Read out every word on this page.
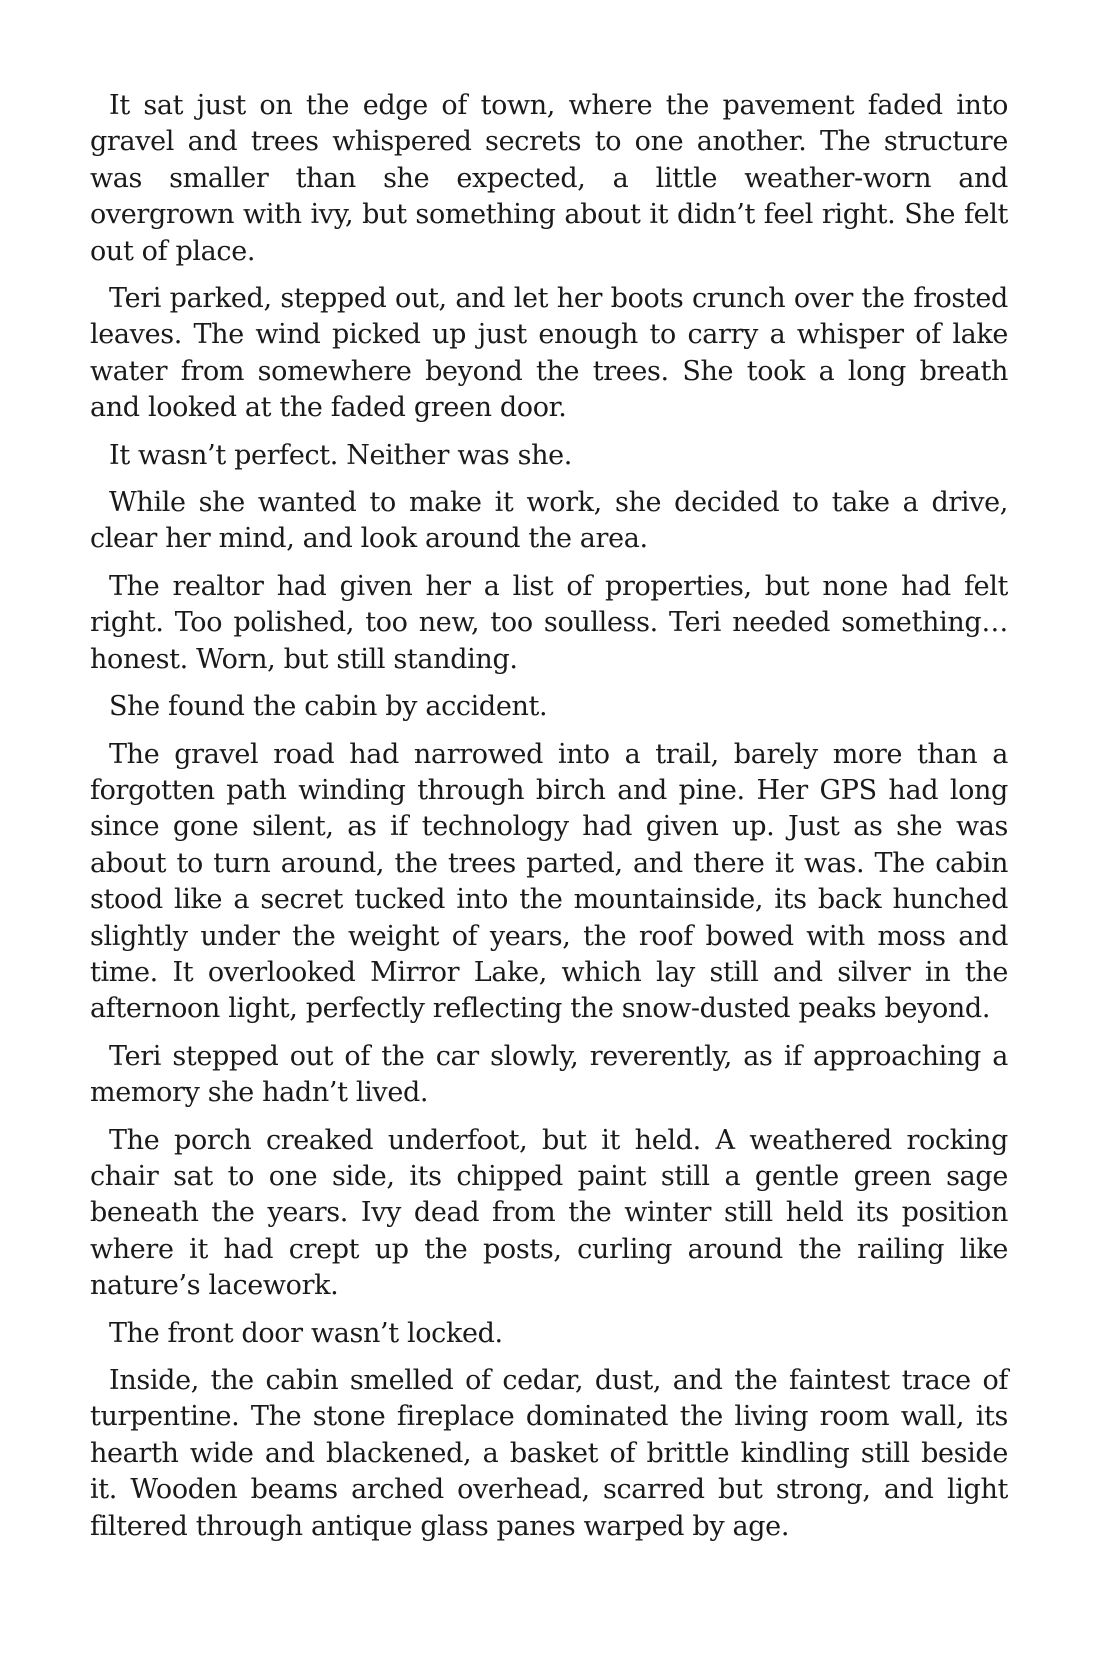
It sat just on the edge of town, where the pavement faded into gravel and trees whispered secrets to one another. The structure was smaller than she expected, a little weather-worn and overgrown with ivy, but something about it didn’t feel right. She felt out of place.

Teri parked, stepped out, and let her boots crunch over the frosted leaves. The wind picked up just enough to carry a whisper of lake water from somewhere beyond the trees. She took a long breath and looked at the faded green door.

It wasn’t perfect. Neither was she.

While she wanted to make it work, she decided to take a drive, clear her mind, and look around the area.

The realtor had given her a list of properties, but none had felt right. Too polished, too new, too soulless. Teri needed something… honest. Worn, but still standing.

She found the cabin by accident.

The gravel road had narrowed into a trail, barely more than a forgotten path winding through birch and pine. Her GPS had long since gone silent, as if technology had given up. Just as she was about to turn around, the trees parted, and there it was. The cabin stood like a secret tucked into the mountainside, its back hunched slightly under the weight of years, the roof bowed with moss and time. It overlooked Mirror Lake, which lay still and silver in the afternoon light, perfectly reflecting the snow-dusted peaks beyond.

Teri stepped out of the car slowly, reverently, as if approaching a memory she hadn’t lived.

The porch creaked underfoot, but it held. A weathered rocking chair sat to one side, its chipped paint still a gentle green sage beneath the years. Ivy dead from the winter still held its position where it had crept up the posts, curling around the railing like nature’s lacework.

The front door wasn’t locked.

Inside, the cabin smelled of cedar, dust, and the faintest trace of turpentine. The stone fireplace dominated the living room wall, its hearth wide and blackened, a basket of brittle kindling still beside it. Wooden beams arched overhead, scarred but strong, and light filtered through antique glass panes warped by age.
